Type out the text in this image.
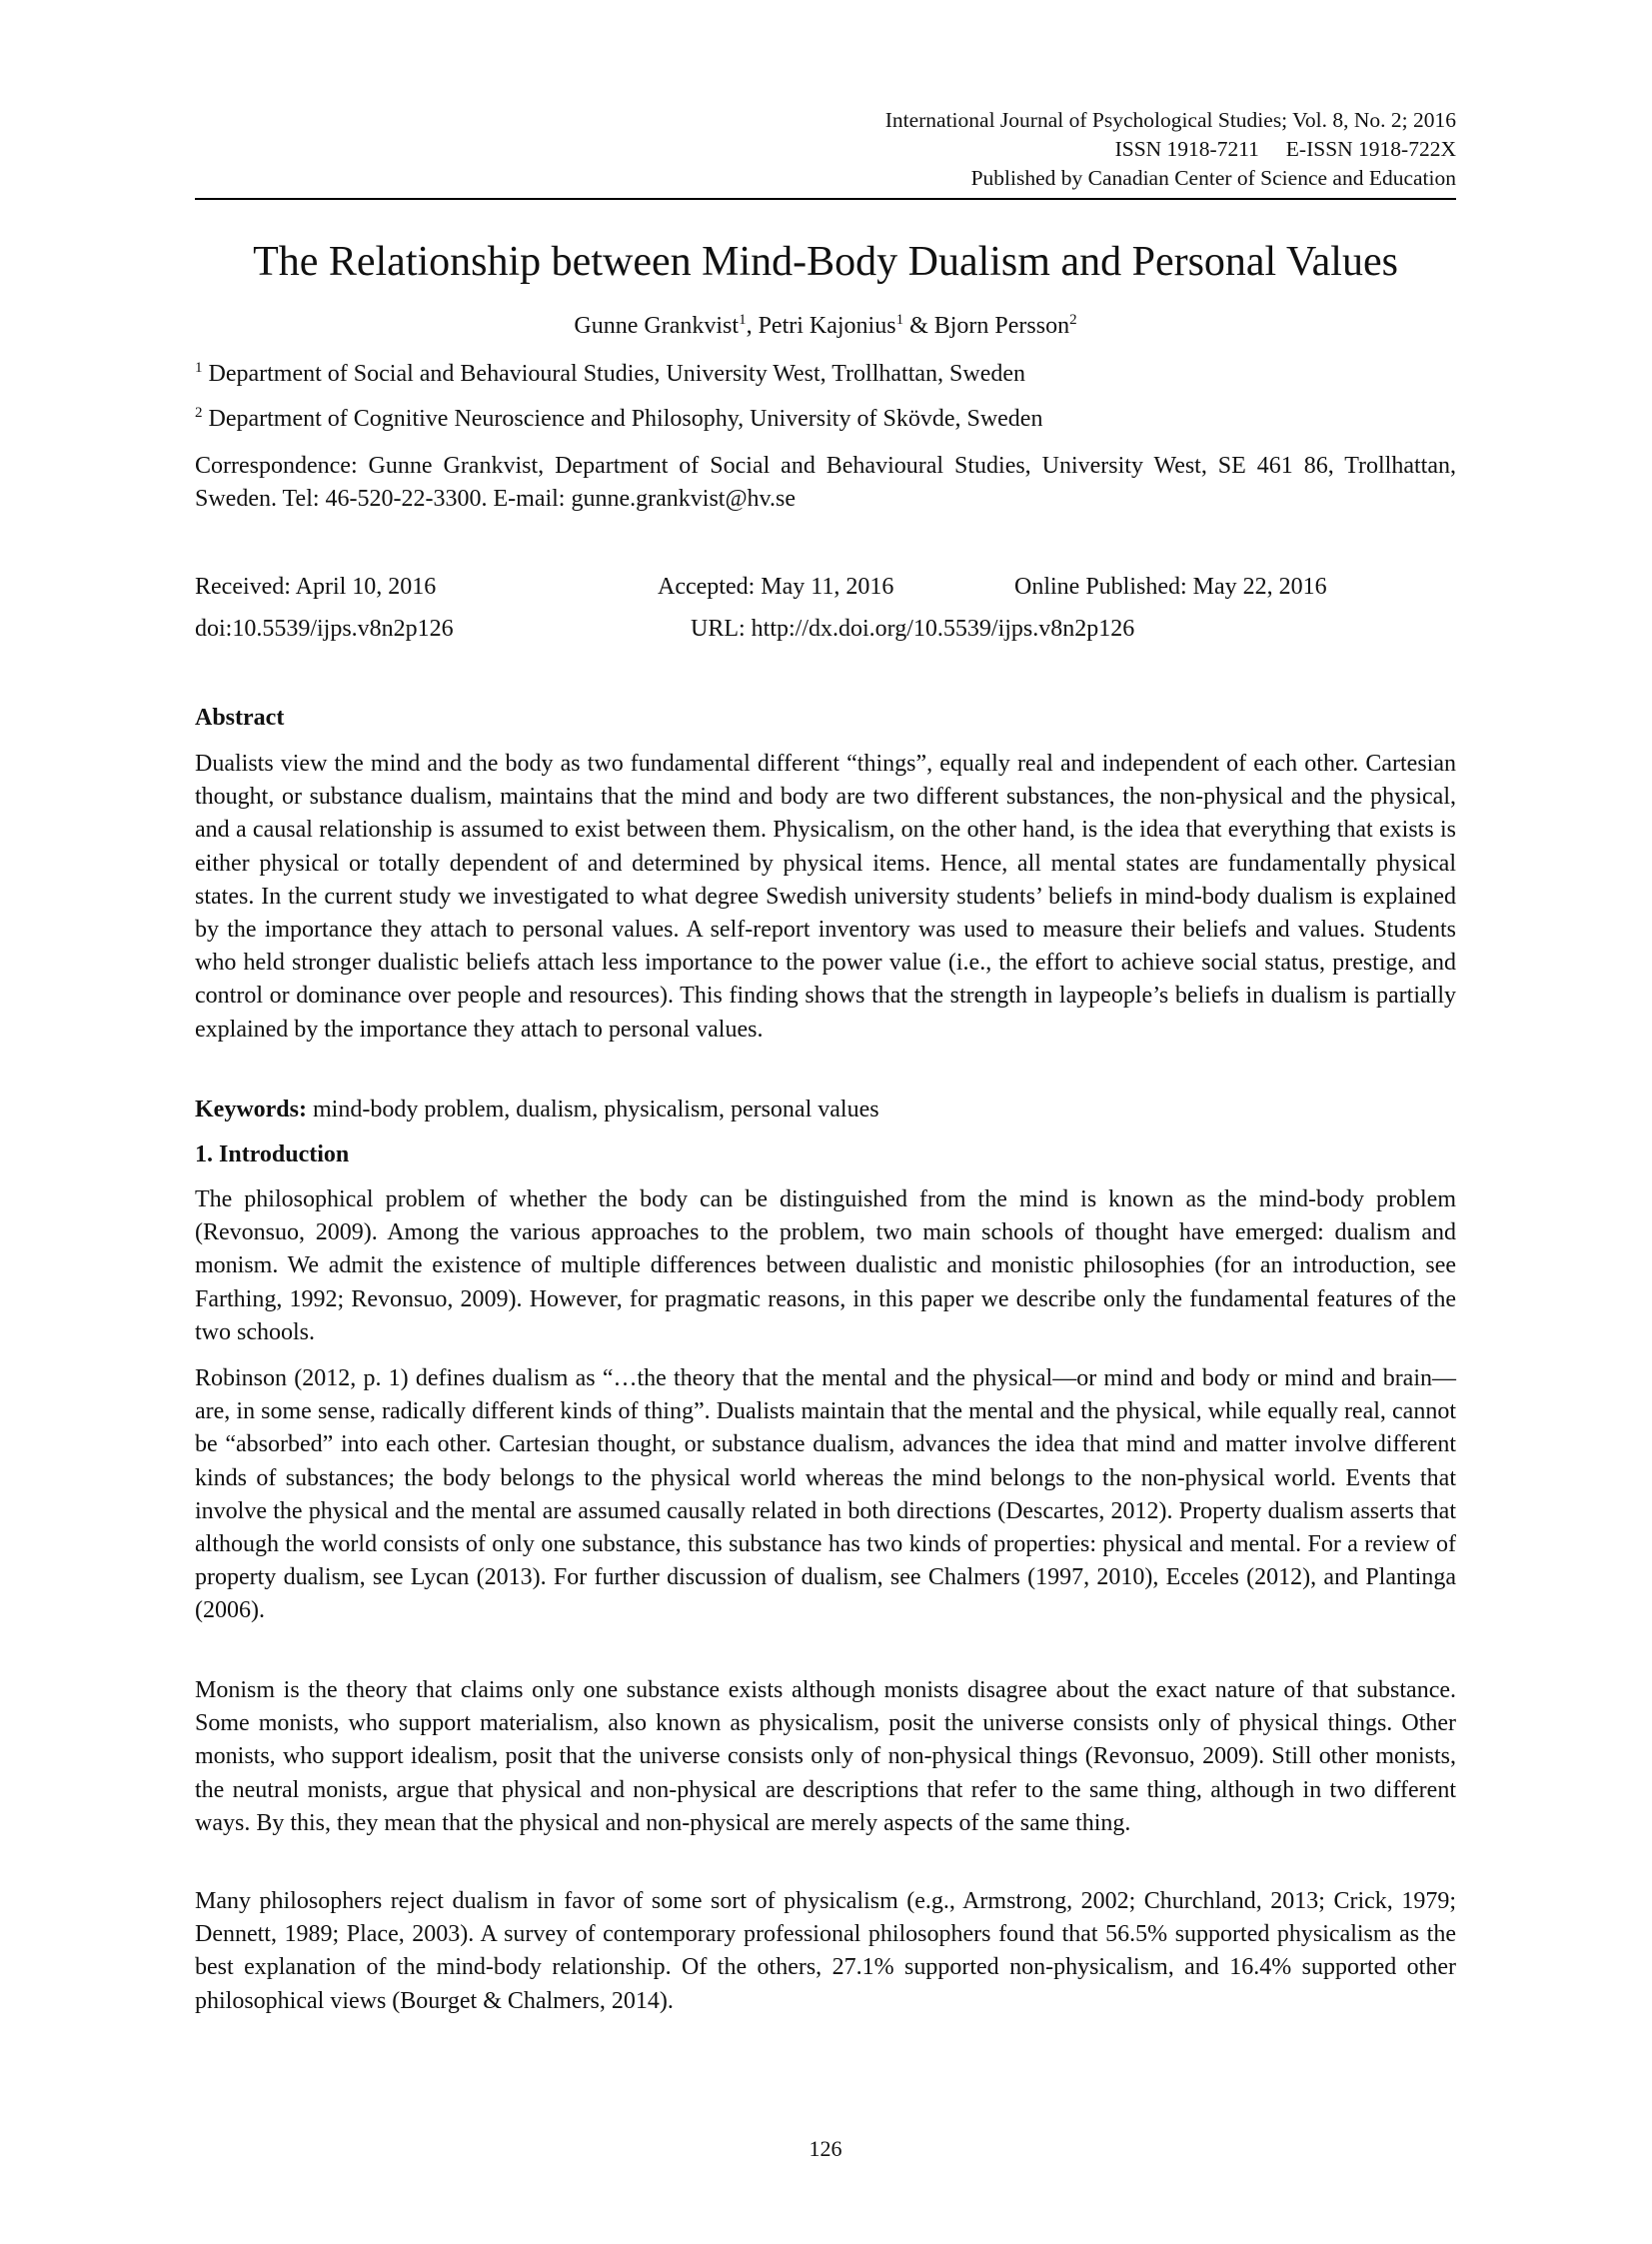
International Journal of Psychological Studies; Vol. 8, No. 2; 2016
ISSN 1918-7211     E-ISSN 1918-722X
Published by Canadian Center of Science and Education
The Relationship between Mind-Body Dualism and Personal Values
Gunne Grankvist$^1$, Petri Kajonius$^1$ & Bjorn Persson$^2$
$^1$ Department of Social and Behavioural Studies, University West, Trollhattan, Sweden
$^2$ Department of Cognitive Neuroscience and Philosophy, University of Skövde, Sweden
Correspondence: Gunne Grankvist, Department of Social and Behavioural Studies, University West, SE 461 86, Trollhattan, Sweden. Tel: 46-520-22-3300. E-mail: gunne.grankvist@hv.se
Received: April 10, 2016	Accepted: May 11, 2016	Online Published: May 22, 2016
doi:10.5539/ijps.v8n2p126	URL: http://dx.doi.org/10.5539/ijps.v8n2p126
Abstract

Dualists view the mind and the body as two fundamental different “things”, equally real and independent of each other. Cartesian thought, or substance dualism, maintains that the mind and body are two different substances, the non-physical and the physical, and a causal relationship is assumed to exist between them. Physicalism, on the other hand, is the idea that everything that exists is either physical or totally dependent of and determined by physical items. Hence, all mental states are fundamentally physical states. In the current study we investigated to what degree Swedish university students’ beliefs in mind-body dualism is explained by the importance they attach to personal values. A self-report inventory was used to measure their beliefs and values. Students who held stronger dualistic beliefs attach less importance to the power value (i.e., the effort to achieve social status, prestige, and control or dominance over people and resources). This finding shows that the strength in laypeople’s beliefs in dualism is partially explained by the importance they attach to personal values.

Keywords: mind-body problem, dualism, physicalism, personal values

1. Introduction

The philosophical problem of whether the body can be distinguished from the mind is known as the mind-body problem (Revonsuo, 2009). Among the various approaches to the problem, two main schools of thought have emerged: dualism and monism. We admit the existence of multiple differences between dualistic and monistic philosophies (for an introduction, see Farthing, 1992; Revonsuo, 2009). However, for pragmatic reasons, in this paper we describe only the fundamental features of the two schools.

Robinson (2012, p. 1) defines dualism as “…the theory that the mental and the physical—or mind and body or mind and brain—are, in some sense, radically different kinds of thing”. Dualists maintain that the mental and the physical, while equally real, cannot be “absorbed” into each other. Cartesian thought, or substance dualism, advances the idea that mind and matter involve different kinds of substances; the body belongs to the physical world whereas the mind belongs to the non-physical world. Events that involve the physical and the mental are assumed causally related in both directions (Descartes, 2012). Property dualism asserts that although the world consists of only one substance, this substance has two kinds of properties: physical and mental. For a review of property dualism, see Lycan (2013). For further discussion of dualism, see Chalmers (1997, 2010), Ecceles (2012), and Plantinga (2006).

Monism is the theory that claims only one substance exists although monists disagree about the exact nature of that substance. Some monists, who support materialism, also known as physicalism, posit the universe consists only of physical things. Other monists, who support idealism, posit that the universe consists only of non-physical things (Revonsuo, 2009). Still other monists, the neutral monists, argue that physical and non-physical are descriptions that refer to the same thing, although in two different ways. By this, they mean that the physical and non-physical are merely aspects of the same thing.

Many philosophers reject dualism in favor of some sort of physicalism (e.g., Armstrong, 2002; Churchland, 2013; Crick, 1979; Dennett, 1989; Place, 2003). A survey of contemporary professional philosophers found that 56.5% supported physicalism as the best explanation of the mind-body relationship. Of the others, 27.1% supported non-physicalism, and 16.4% supported other philosophical views (Bourget & Chalmers, 2014).

126
